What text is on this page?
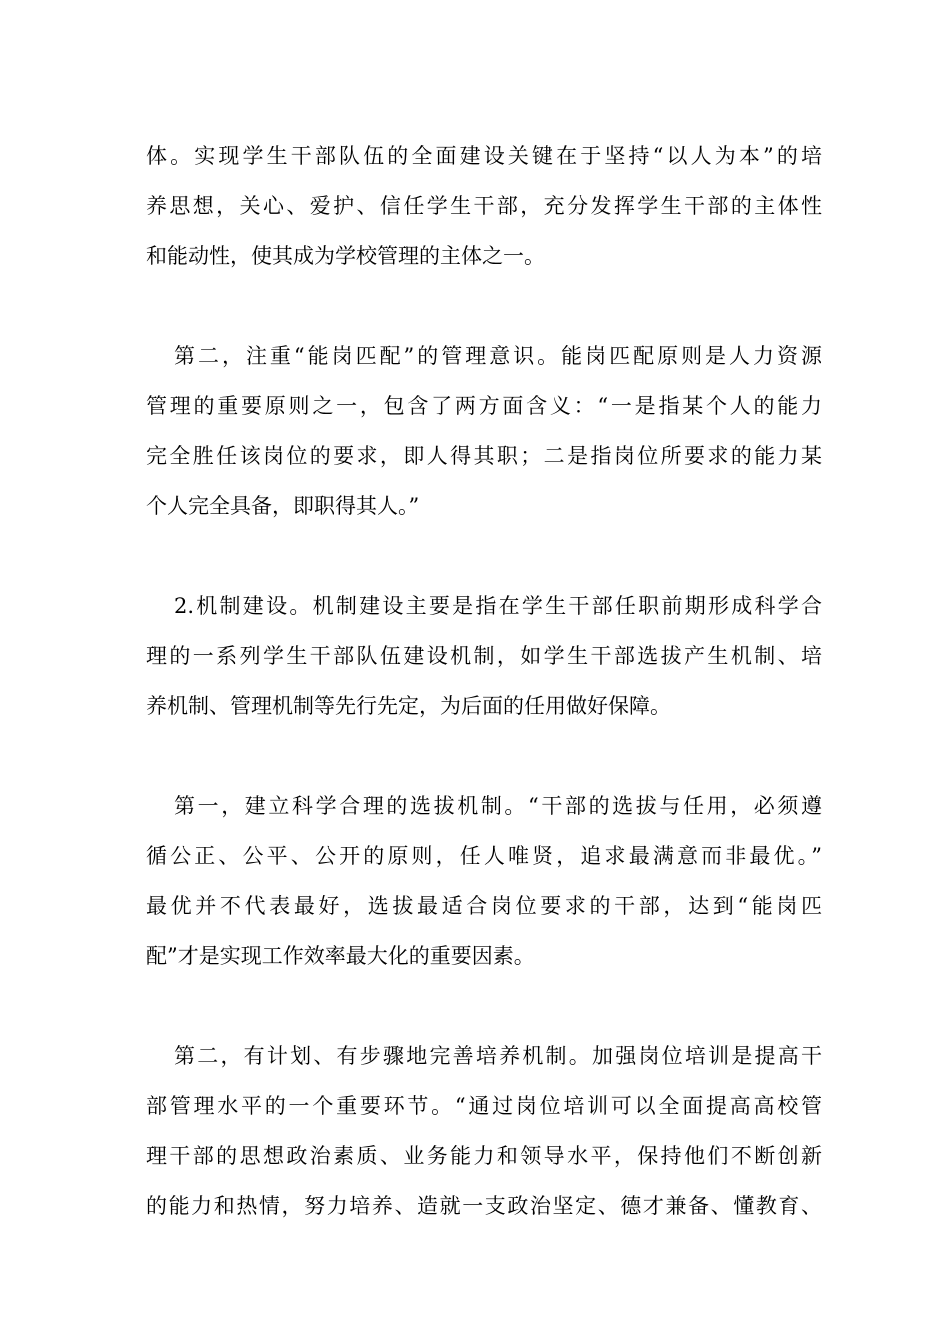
体。实现学生干部队伍的全面建设关键在于坚持“以人为本”的培
养思想，关心、爱护、信任学生干部，充分发挥学生干部的主体性
和能动性，使其成为学校管理的主体之一。

第二，注重“能岗匹配”的管理意识。能岗匹配原则是人力资源
管理的重要原则之一，包含了两方面含义：“一是指某个人的能力
完全胜任该岗位的要求，即人得其职；二是指岗位所要求的能力某
个人完全具备，即职得其人。”

2.机制建设。机制建设主要是指在学生干部任职前期形成科学合
理的一系列学生干部队伍建设机制，如学生干部选拔产生机制、培
养机制、管理机制等先行先定，为后面的任用做好保障。

第一，建立科学合理的选拔机制。“干部的选拔与任用，必须遵
循公正、公平、公开的原则，任人唯贤，追求最满意而非最优。”
最优并不代表最好，选拔最适合岗位要求的干部，达到“能岗匹
配”才是实现工作效率最大化的重要因素。

第二，有计划、有步骤地完善培养机制。加强岗位培训是提高干
部管理水平的一个重要环节。“通过岗位培训可以全面提高高校管
理干部的思想政治素质、业务能力和领导水平，保持他们不断创新
的能力和热情，努力培养、造就一支政治坚定、德才兼备、懂教育、
